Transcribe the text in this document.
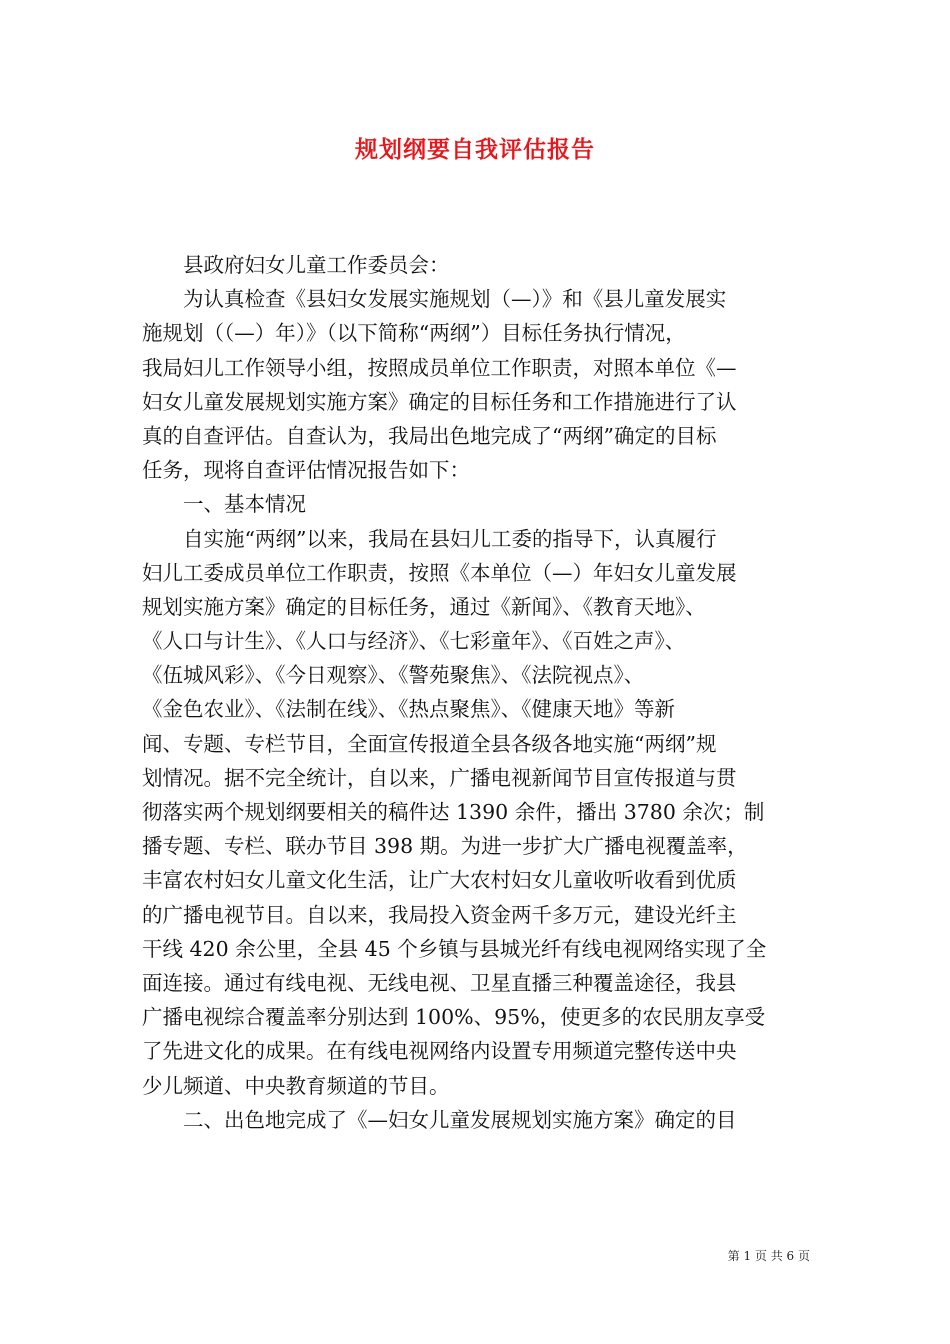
规划纲要自我评估报告
县政府妇女儿童工作委员会：
为认真检查《县妇女发展实施规划（—）》和《县儿童发展实
施规划（（—）年）》（以下简称“两纲”）目标任务执行情况，
我局妇儿工作领导小组，按照成员单位工作职责，对照本单位《—
妇女儿童发展规划实施方案》确定的目标任务和工作措施进行了认
真的自查评估。自查认为，我局出色地完成了“两纲”确定的目标
任务，现将自查评估情况报告如下：
一、基本情况
自实施“两纲”以来，我局在县妇儿工委的指导下，认真履行
妇儿工委成员单位工作职责，按照《本单位（—）年妇女儿童发展
规划实施方案》确定的目标任务，通过《新闻》、《教育天地》、
《人口与计生》、《人口与经济》、《七彩童年》、《百姓之声》、
《伍城风彩》、《今日观察》、《警苑聚焦》、《法院视点》、
《金色农业》、《法制在线》、《热点聚焦》、《健康天地》等新
闻、专题、专栏节目，全面宣传报道全县各级各地实施“两纲”规
划情况。据不完全统计，自以来，广播电视新闻节目宣传报道与贯
彻落实两个规划纲要相关的稿件达 1390 余件，播出 3780 余次；制
播专题、专栏、联办节目 398 期。为进一步扩大广播电视覆盖率，
丰富农村妇女儿童文化生活，让广大农村妇女儿童收听收看到优质
的广播电视节目。自以来，我局投入资金两千多万元，建设光纤主
干线 420 余公里，全县 45 个乡镇与县城光纤有线电视网络实现了全
面连接。通过有线电视、无线电视、卫星直播三种覆盖途径，我县
广播电视综合覆盖率分别达到 100%、95%，使更多的农民朋友享受
了先进文化的成果。在有线电视网络内设置专用频道完整传送中央
少儿频道、中央教育频道的节目。
二、出色地完成了《—妇女儿童发展规划实施方案》确定的目
第 1 页 共 6 页
